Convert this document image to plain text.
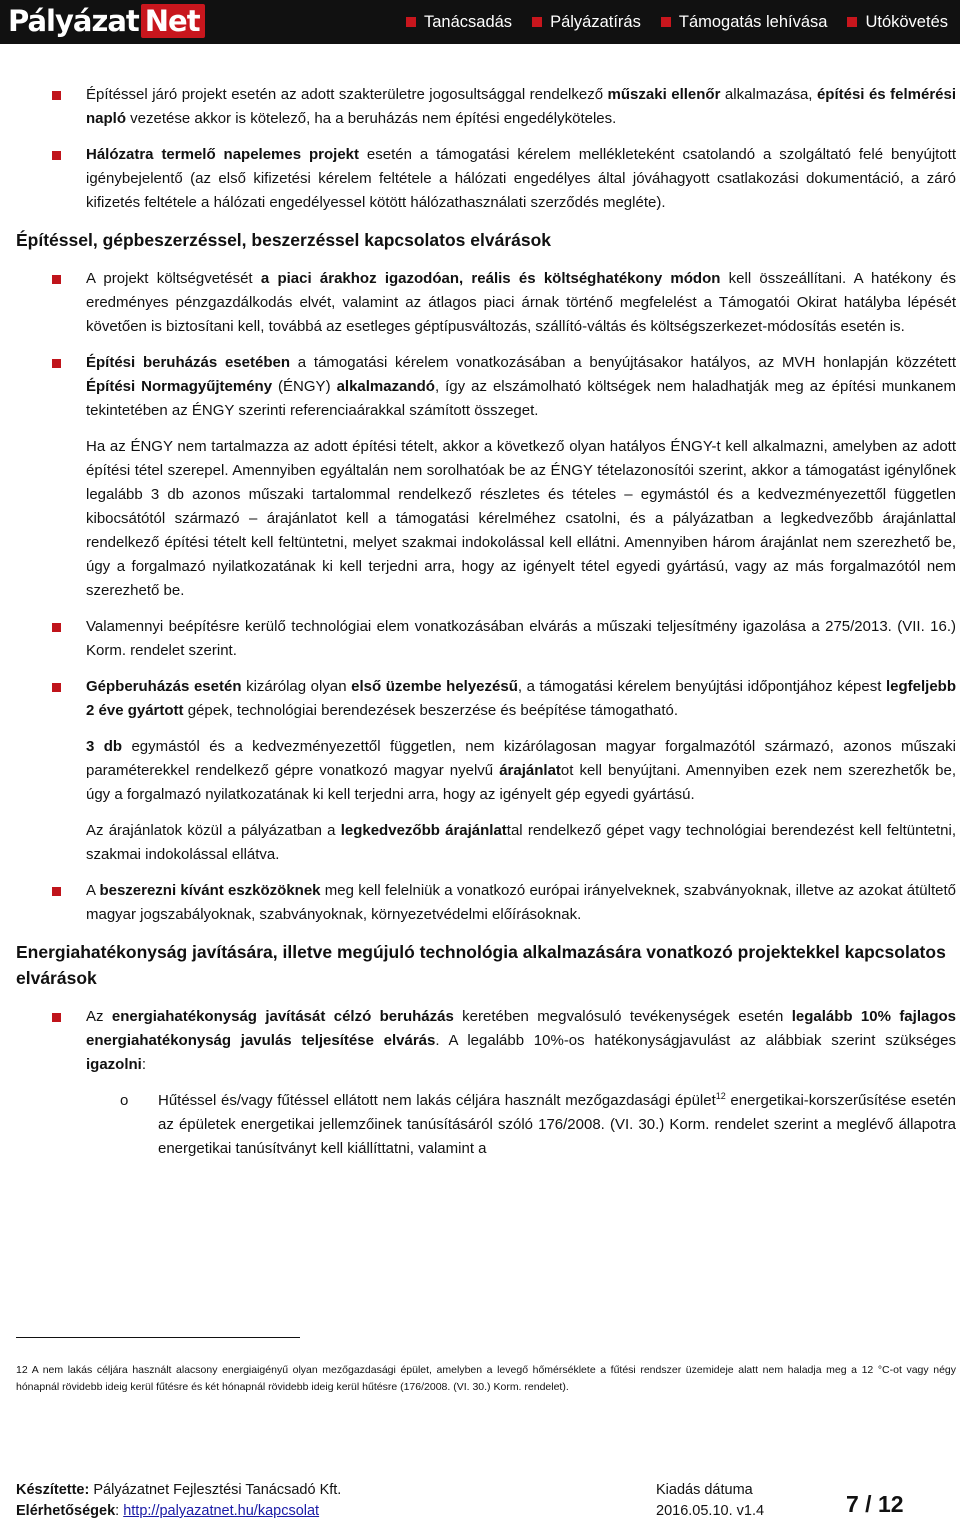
Pályázat Net	Tanácsadás Pályázatírás Támogatás lehívása Utókövetés
Építéssel járó projekt esetén az adott szakterületre jogosultsággal rendelkező műszaki ellenőr alkalmazása, építési és felmérési napló vezetése akkor is kötelező, ha a beruházás nem építési engedélyköteles.
Hálózatra termelő napelemes projekt esetén a támogatási kérelem mellékleteként csatolandó a szolgáltató felé benyújtott igénybejelentő (az első kifizetési kérelem feltétele a hálózati engedélyes által jóváhagyott csatlakozási dokumentáció, a záró kifizetés feltétele a hálózati engedélyessel kötött hálózathasználati szerződés megléte).
Építéssel, gépbeszerzéssel, beszerzéssel kapcsolatos elvárások
A projekt költségvetését a piaci árakhoz igazodóan, reális és költséghatékony módon kell összeállítani. A hatékony és eredményes pénzgazdálkodás elvét, valamint az átlagos piaci árnak történő megfelelést a Támogatói Okirat hatályba lépését követően is biztosítani kell, továbbá az esetleges géptípusváltozás, szállító-váltás és költségszerkezet-módosítás esetén is.
Építési beruházás esetében a támogatási kérelem vonatkozásában a benyújtásakor hatályos, az MVH honlapján közzétett Építési Normagyűjtemény (ÉNGY) alkalmazandó, így az elszámolható költségek nem haladhatják meg az építési munkanem tekintetében az ÉNGY szerinti referenciaárakkal számított összeget.
Ha az ÉNGY nem tartalmazza az adott építési tételt, akkor a következő olyan hatályos ÉNGY-t kell alkalmazni, amelyben az adott építési tétel szerepel. Amennyiben egyáltalán nem sorolhatóak be az ÉNGY tételazonosítói szerint, akkor a támogatást igénylőnek legalább 3 db azonos műszaki tartalommal rendelkező részletes és tételes – egymástól és a kedvezményezettől független kibocsátótól származó – árajánlatot kell a támogatási kérelméhez csatolni, és a pályázatban a legkedvezőbb árajánlattal rendelkező építési tételt kell feltüntetni, melyet szakmai indokolással kell ellátni. Amennyiben három árajánlat nem szerezhető be, úgy a forgalmazó nyilatkozatának ki kell terjedni arra, hogy az igényelt tétel egyedi gyártású, vagy az más forgalmazótól nem szerezhető be.
Valamennyi beépítésre kerülő technológiai elem vonatkozásában elvárás a műszaki teljesítmény igazolása a 275/2013. (VII. 16.) Korm. rendelet szerint.
Gépberuházás esetén kizárólag olyan első üzembe helyezésű, a támogatási kérelem benyújtási időpontjához képest legfeljebb 2 éve gyártott gépek, technológiai berendezések beszerzése és beépítése támogatható.
3 db egymástól és a kedvezményezettől független, nem kizárólagosan magyar forgalmazótól származó, azonos műszaki paraméterekkel rendelkező gépre vonatkozó magyar nyelvű árajánlatot kell benyújtani. Amennyiben ezek nem szerezhetők be, úgy a forgalmazó nyilatkozatának ki kell terjedni arra, hogy az igényelt gép egyedi gyártású.
Az árajánlatok közül a pályázatban a legkedvezőbb árajánlattal rendelkező gépet vagy technológiai berendezést kell feltüntetni, szakmai indokolással ellátva.
A beszerezni kívánt eszközöknek meg kell felelniük a vonatkozó európai irányelveknek, szabványoknak, illetve az azokat átültető magyar jogszabályoknak, szabványoknak, környezetvédelmi előírásoknak.
Energiahatékonyság javítására, illetve megújuló technológia alkalmazására vonatkozó projektekkel kapcsolatos elvárások
Az energiahatékonyság javítását célzó beruházás keretében megvalósuló tevékenységek esetén legalább 10% fajlagos energiahatékonyság javulás teljesítése elvárás. A legalább 10%-os hatékonyságjavulást az alábbiak szerint szükséges igazolni:
o Hűtéssel és/vagy fűtéssel ellátott nem lakás céljára használt mezőgazdasági épület$^{12}$ energetikai-korszerűsítése esetén az épületek energetikai jellemzőinek tanúsításáról szóló 176/2008. (VI. 30.) Korm. rendelet szerint a meglévő állapotra energetikai tanúsítványt kell kiállíttatni, valamint a
12 A nem lakás céljára használt alacsony energiaigényű olyan mezőgazdasági épület, amelyben a levegő hőmérséklete a fűtési rendszer üzemideje alatt nem haladja meg a 12 °C-ot vagy négy hónapnál rövidebb ideig kerül fűtésre és két hónapnál rövidebb ideig kerül hűtésre (176/2008. (VI. 30.) Korm. rendelet).
Készítette: Pályázatnet Fejlesztési Tanácsadó Kft.
Elérhetőségek: http://palyazatnet.hu/kapcsolat
Kiadás dátuma
2016.05.10. v1.4	7 / 12
